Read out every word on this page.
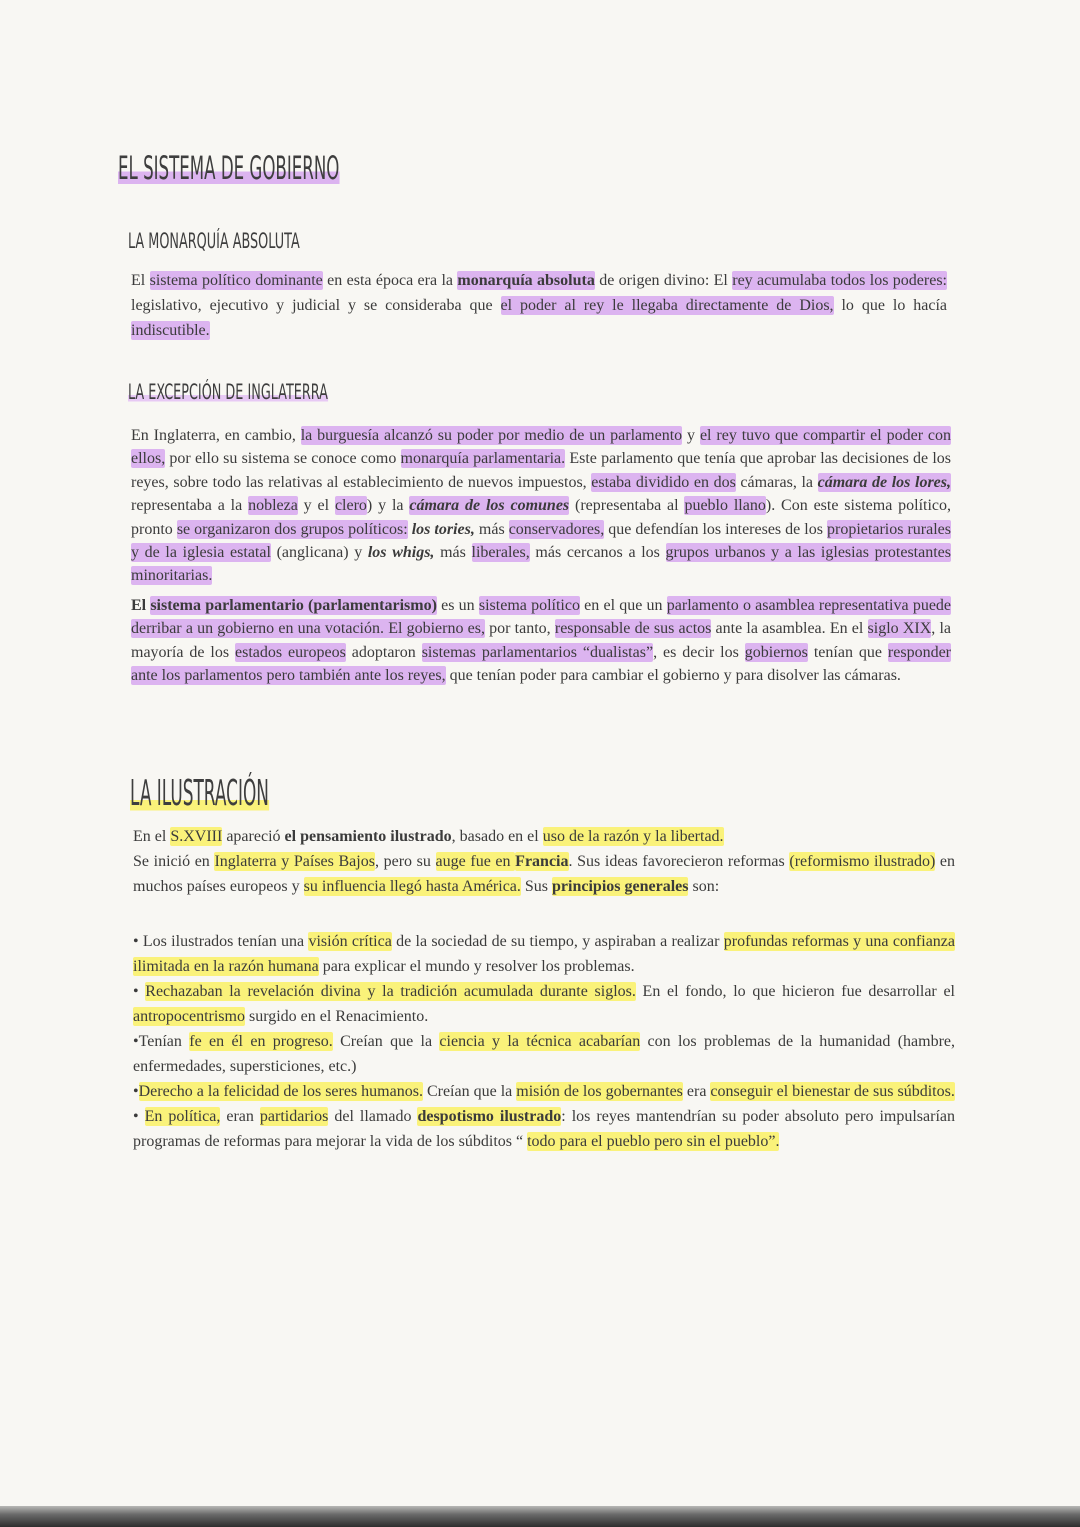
EL SISTEMA DE GOBIERNO
LA MONARQUÍA ABSOLUTA

El sistema político dominante en esta época era la monarquía absoluta de origen divino: El rey acumulaba todos los poderes: legislativo, ejecutivo y judicial y se consideraba que el poder al rey le llegaba directamente de Dios, lo que lo hacía indiscutible.

LA EXCEPCIÓN DE INGLATERRA

En Inglaterra, en cambio, la burguesía alcanzó su poder por medio de un parlamento y el rey tuvo que compartir el poder con ellos, por ello su sistema se conoce como monarquía parlamentaria. Este parlamento que tenía que aprobar las decisiones de los reyes, sobre todo las relativas al establecimiento de nuevos impuestos, estaba dividido en dos cámaras, la cámara de los lores, representaba a la nobleza y el clero) y la cámara de los comunes (representaba al pueblo llano). Con este sistema político, pronto se organizaron dos grupos políticos: los tories, más conservadores, que defendían los intereses de los propietarios rurales y de la iglesia estatal (anglicana) y los whigs, más liberales, más cercanos a los grupos urbanos y a las iglesias protestantes minoritarias.

El sistema parlamentario (parlamentarismo) es un sistema político en el que un parlamento o asamblea representativa puede derribar a un gobierno en una votación. El gobierno es, por tanto, responsable de sus actos ante la asamblea. En el siglo XIX, la mayoría de los estados europeos adoptaron sistemas parlamentarios “dualistas”, es decir los gobiernos tenían que responder ante los parlamentos pero también ante los reyes, que tenían poder para cambiar el gobierno y para disolver las cámaras.

LA ILUSTRACIÓN

En el S.XVIII apareció el pensamiento ilustrado, basado en el uso de la razón y la libertad.

Se inició en Inglaterra y Países Bajos, pero su auge fue en Francia. Sus ideas favorecieron reformas (reformismo ilustrado) en muchos países europeos y su influencia llegó hasta América. Sus principios generales son:

• Los ilustrados tenían una visión crítica de la sociedad de su tiempo, y aspiraban a realizar profundas reformas y una confianza ilimitada en la razón humana para explicar el mundo y resolver los problemas.

• Rechazaban la revelación divina y la tradición acumulada durante siglos. En el fondo, lo que hicieron fue desarrollar el antropocentrismo surgido en el Renacimiento.

•Tenían fe en él en progreso. Creían que la ciencia y la técnica acabarían con los problemas de la humanidad (hambre, enfermedades, supersticiones, etc.)

•Derecho a la felicidad de los seres humanos. Creían que la misión de los gobernantes era conseguir el bienestar de sus súbditos.

• En política, eran partidarios del llamado despotismo ilustrado: los reyes mantendrían su poder absoluto pero impulsarían programas de reformas para mejorar la vida de los súbditos “ todo para el pueblo pero sin el pueblo”.
